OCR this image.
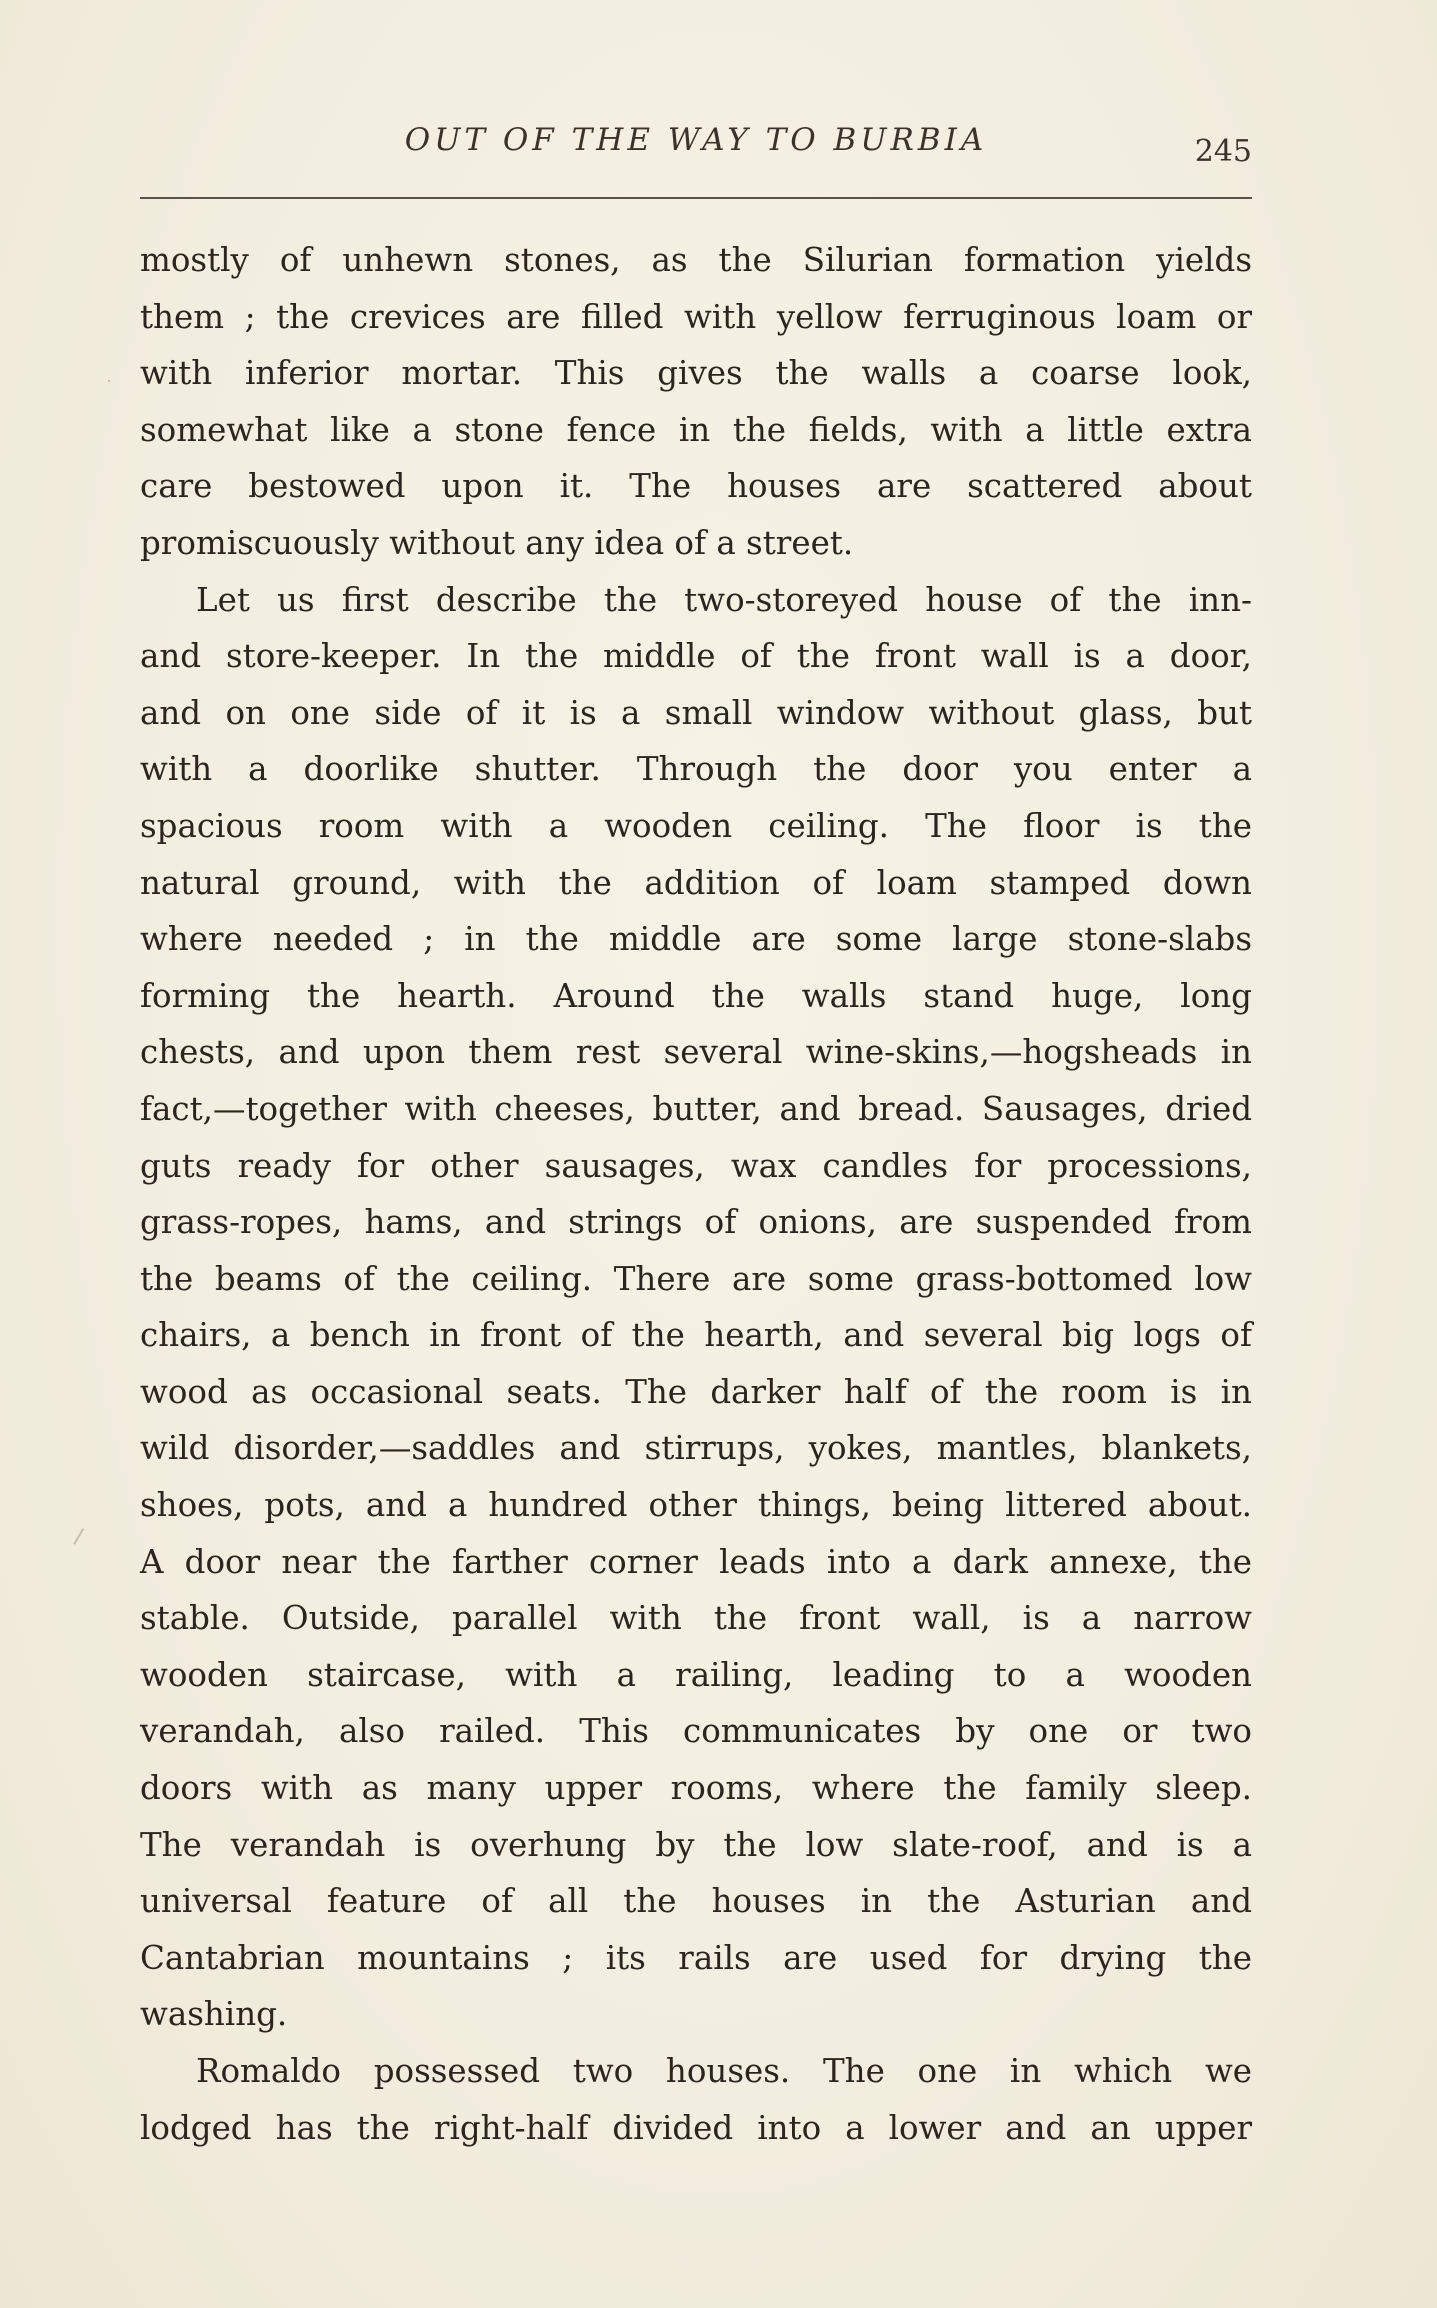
OUT OF THE WAY TO BURBIA	245
mostly of unhewn stones, as the Silurian formation yields
them ; the crevices are filled with yellow ferruginous loam or
with inferior mortar. This gives the walls a coarse look,
somewhat like a stone fence in the fields, with a little extra
care bestowed upon it. The houses are scattered about
promiscuously without any idea of a street.
Let us first describe the two-storeyed house of the inn-
and store-keeper. In the middle of the front wall is a door,
and on one side of it is a small window without glass, but
with a doorlike shutter. Through the door you enter a
spacious room with a wooden ceiling. The floor is the
natural ground, with the addition of loam stamped down
where needed ; in the middle are some large stone-slabs
forming the hearth. Around the walls stand huge, long
chests, and upon them rest several wine-skins,—hogsheads in
fact,—together with cheeses, butter, and bread. Sausages, dried
guts ready for other sausages, wax candles for processions,
grass-ropes, hams, and strings of onions, are suspended from
the beams of the ceiling. There are some grass-bottomed low
chairs, a bench in front of the hearth, and several big logs of
wood as occasional seats. The darker half of the room is in
wild disorder,—saddles and stirrups, yokes, mantles, blankets,
shoes, pots, and a hundred other things, being littered about.
A door near the farther corner leads into a dark annexe, the
stable. Outside, parallel with the front wall, is a narrow
wooden staircase, with a railing, leading to a wooden
verandah, also railed. This communicates by one or two
doors with as many upper rooms, where the family sleep.
The verandah is overhung by the low slate-roof, and is a
universal feature of all the houses in the Asturian and
Cantabrian mountains ; its rails are used for drying the
washing.
Romaldo possessed two houses. The one in which we
lodged has the right-half divided into a lower and an upper
